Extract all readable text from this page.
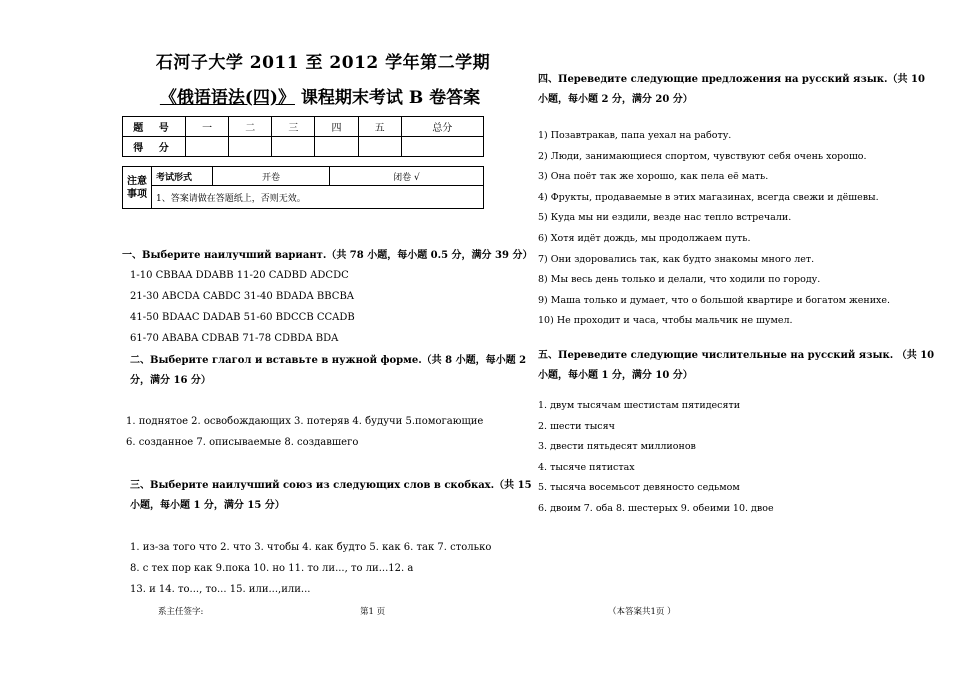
石河子大学 2011 至 2012 学年第二学期
《俄语语法(四)》 课程期末考试 B 卷答案
题 号	一	二	三	四	五	总分
得 分						
注意事项	考试形式	开卷	闭卷 √
1、答案请做在答题纸上，否则无效。
一、Выберите наилучший вариант.（共 78 小题，每小题 0.5 分，满分 39 分）
1-10 CBBAA DDABB 11-20 CADBD ADCDC
21-30 ABCDA CABDC 31-40 BDADA BBCBA
41-50 BDAAC DADAB 51-60 BDCCB CCADB
61-70 ABABA CDBAB 71-78 CDBDA BDA
二、Выберите глагол и вставьте в нужной форме.（共 8 小题，每小题 2 分，满分 16 分）
1. поднятое 2. освобождающих 3. потеряв 4. будучи 5.помогающие
6. созданное 7. описываемые 8. создавшего
三、Выберите наилучший союз из следующих слов в скобках.（共 15 小题，每小题 1 分，满分 15 分）
1. из-за того что 2. что 3. чтобы 4. как будто 5. как 6. так 7. столько
8. с тех пор как 9.пока 10. но 11. то ли..., то ли...12. а
13. и 14. то..., то... 15. или...,или...
四、Переведите следующие предложения на русский язык.（共 10 小题，每小题 2 分，满分 20 分）
1) Позавтракав, папа уехал на работу.
2) Люди, занимающиеся спортом, чувствуют себя очень хорошо.
3) Она поёт так же хорошо, как пела её мать.
4) Фрукты, продаваемые в этих магазинах, всегда свежи и дёшевы.
5) Куда мы ни ездили, везде нас тепло встречали.
6) Хотя идёт дождь, мы продолжаем путь.
7) Они здоровались так, как будто знакомы много лет.
8) Мы весь день только и делали, что ходили по городу.
9) Маша только и думает, что о большой квартире и богатом женихе.
10) Не проходит и часа, чтобы мальчик не шумел.
五、Переведите следующие числительные на русский язык. （共 10 小题，每小题 1 分，满分 10 分）
1. двум тысячам шестистам пятидесяти
2. шести тысяч
3. двести пятьдесят миллионов
4. тысяче пятистах
5. тысяча восемьсот девяносто седьмом
6. двоим 7. оба 8. шестерых 9. обеими 10. двое
系主任签字:	第1 页	（本答案共1页 ）
